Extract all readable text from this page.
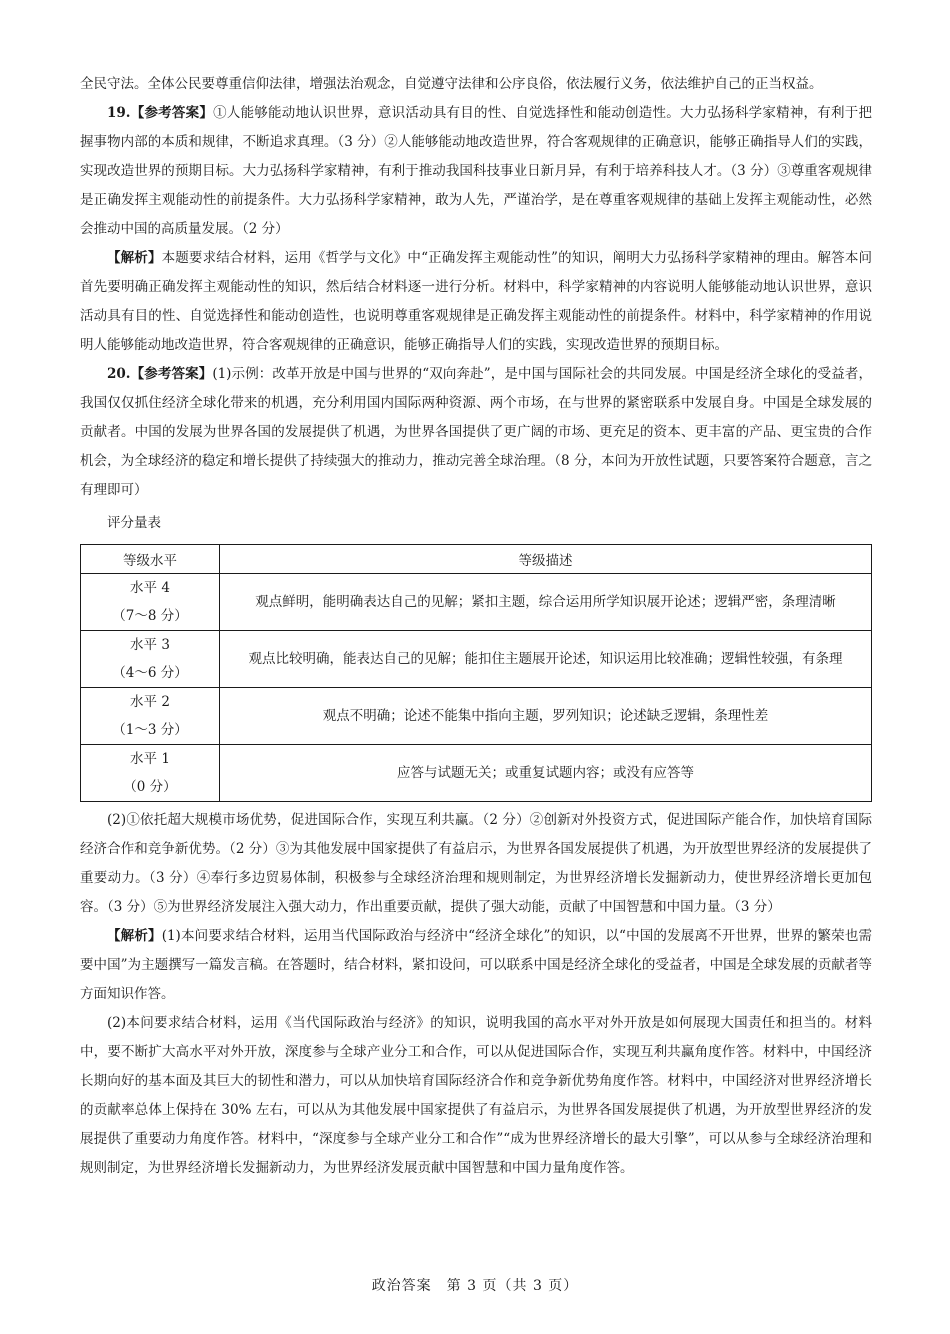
全民守法。全体公民要尊重信仰法律，增强法治观念，自觉遵守法律和公序良俗，依法履行义务，依法维护自己的正当权益。

19.【参考答案】①人能够能动地认识世界，意识活动具有目的性、自觉选择性和能动创造性。大力弘扬科学家精神，有利于把握事物内部的本质和规律，不断追求真理。（3 分）②人能够能动地改造世界，符合客观规律的正确意识，能够正确指导人们的实践，实现改造世界的预期目标。大力弘扬科学家精神，有利于推动我国科技事业日新月异，有利于培养科技人才。（3 分）③尊重客观规律是正确发挥主观能动性的前提条件。大力弘扬科学家精神，敢为人先，严谨治学，是在尊重客观规律的基础上发挥主观能动性，必然会推动中国的高质量发展。（2 分）

【解析】本题要求结合材料，运用《哲学与文化》中“正确发挥主观能动性”的知识，阐明大力弘扬科学家精神的理由。解答本问首先要明确正确发挥主观能动性的知识，然后结合材料逐一进行分析。材料中，科学家精神的内容说明人能够能动地认识世界，意识活动具有目的性、自觉选择性和能动创造性，也说明尊重客观规律是正确发挥主观能动性的前提条件。材料中，科学家精神的作用说明人能够能动地改造世界，符合客观规律的正确意识，能够正确指导人们的实践，实现改造世界的预期目标。

20.【参考答案】(1)示例：改革开放是中国与世界的“双向奔赴”，是中国与国际社会的共同发展。中国是经济全球化的受益者，我国仅仅抓住经济全球化带来的机遇，充分利用国内国际两种资源、两个市场，在与世界的紧密联系中发展自身。中国是全球发展的贡献者。中国的发展为世界各国的发展提供了机遇，为世界各国提供了更广阔的市场、更充足的资本、更丰富的产品、更宝贵的合作机会，为全球经济的稳定和增长提供了持续强大的推动力，推动完善全球治理。（8 分，本问为开放性试题，只要答案符合题意，言之有理即可）

评分量表

等级水平	等级描述

水平 4
（7～8 分）	观点鲜明，能明确表达自己的见解；紧扣主题，综合运用所学知识展开论述；逻辑严密，条理清晰

水平 3
（4～6 分）	观点比较明确，能表达自己的见解；能扣住主题展开论述，知识运用比较准确；逻辑性较强，有条理

水平 2
（1～3 分）	观点不明确；论述不能集中指向主题，罗列知识；论述缺乏逻辑，条理性差

水平 1
（0 分）	应答与试题无关；或重复试题内容；或没有应答等

(2)①依托超大规模市场优势，促进国际合作，实现互利共赢。（2 分）②创新对外投资方式，促进国际产能合作，加快培育国际经济合作和竞争新优势。（2 分）③为其他发展中国家提供了有益启示，为世界各国发展提供了机遇，为开放型世界经济的发展提供了重要动力。（3 分）④奉行多边贸易体制，积极参与全球经济治理和规则制定，为世界经济增长发掘新动力，使世界经济增长更加包容。（3 分）⑤为世界经济发展注入强大动力，作出重要贡献，提供了强大动能，贡献了中国智慧和中国力量。（3 分）

【解析】(1)本问要求结合材料，运用当代国际政治与经济中“经济全球化”的知识，以“中国的发展离不开世界，世界的繁荣也需要中国”为主题撰写一篇发言稿。在答题时，结合材料，紧扣设问，可以联系中国是经济全球化的受益者，中国是全球发展的贡献者等方面知识作答。

(2)本问要求结合材料，运用《当代国际政治与经济》的知识，说明我国的高水平对外开放是如何展现大国责任和担当的。材料中，要不断扩大高水平对外开放，深度参与全球产业分工和合作，可以从促进国际合作，实现互利共赢角度作答。材料中，中国经济长期向好的基本面及其巨大的韧性和潜力，可以从加快培育国际经济合作和竞争新优势角度作答。材料中，中国经济对世界经济增长的贡献率总体上保持在 30% 左右，可以从为其他发展中国家提供了有益启示，为世界各国发展提供了机遇，为开放型世界经济的发展提供了重要动力角度作答。材料中，“深度参与全球产业分工和合作”“成为世界经济增长的最大引擎”，可以从参与全球经济治理和规则制定，为世界经济增长发掘新动力，为世界经济发展贡献中国智慧和中国力量角度作答。

政治答案　第 3 页（共 3 页）
